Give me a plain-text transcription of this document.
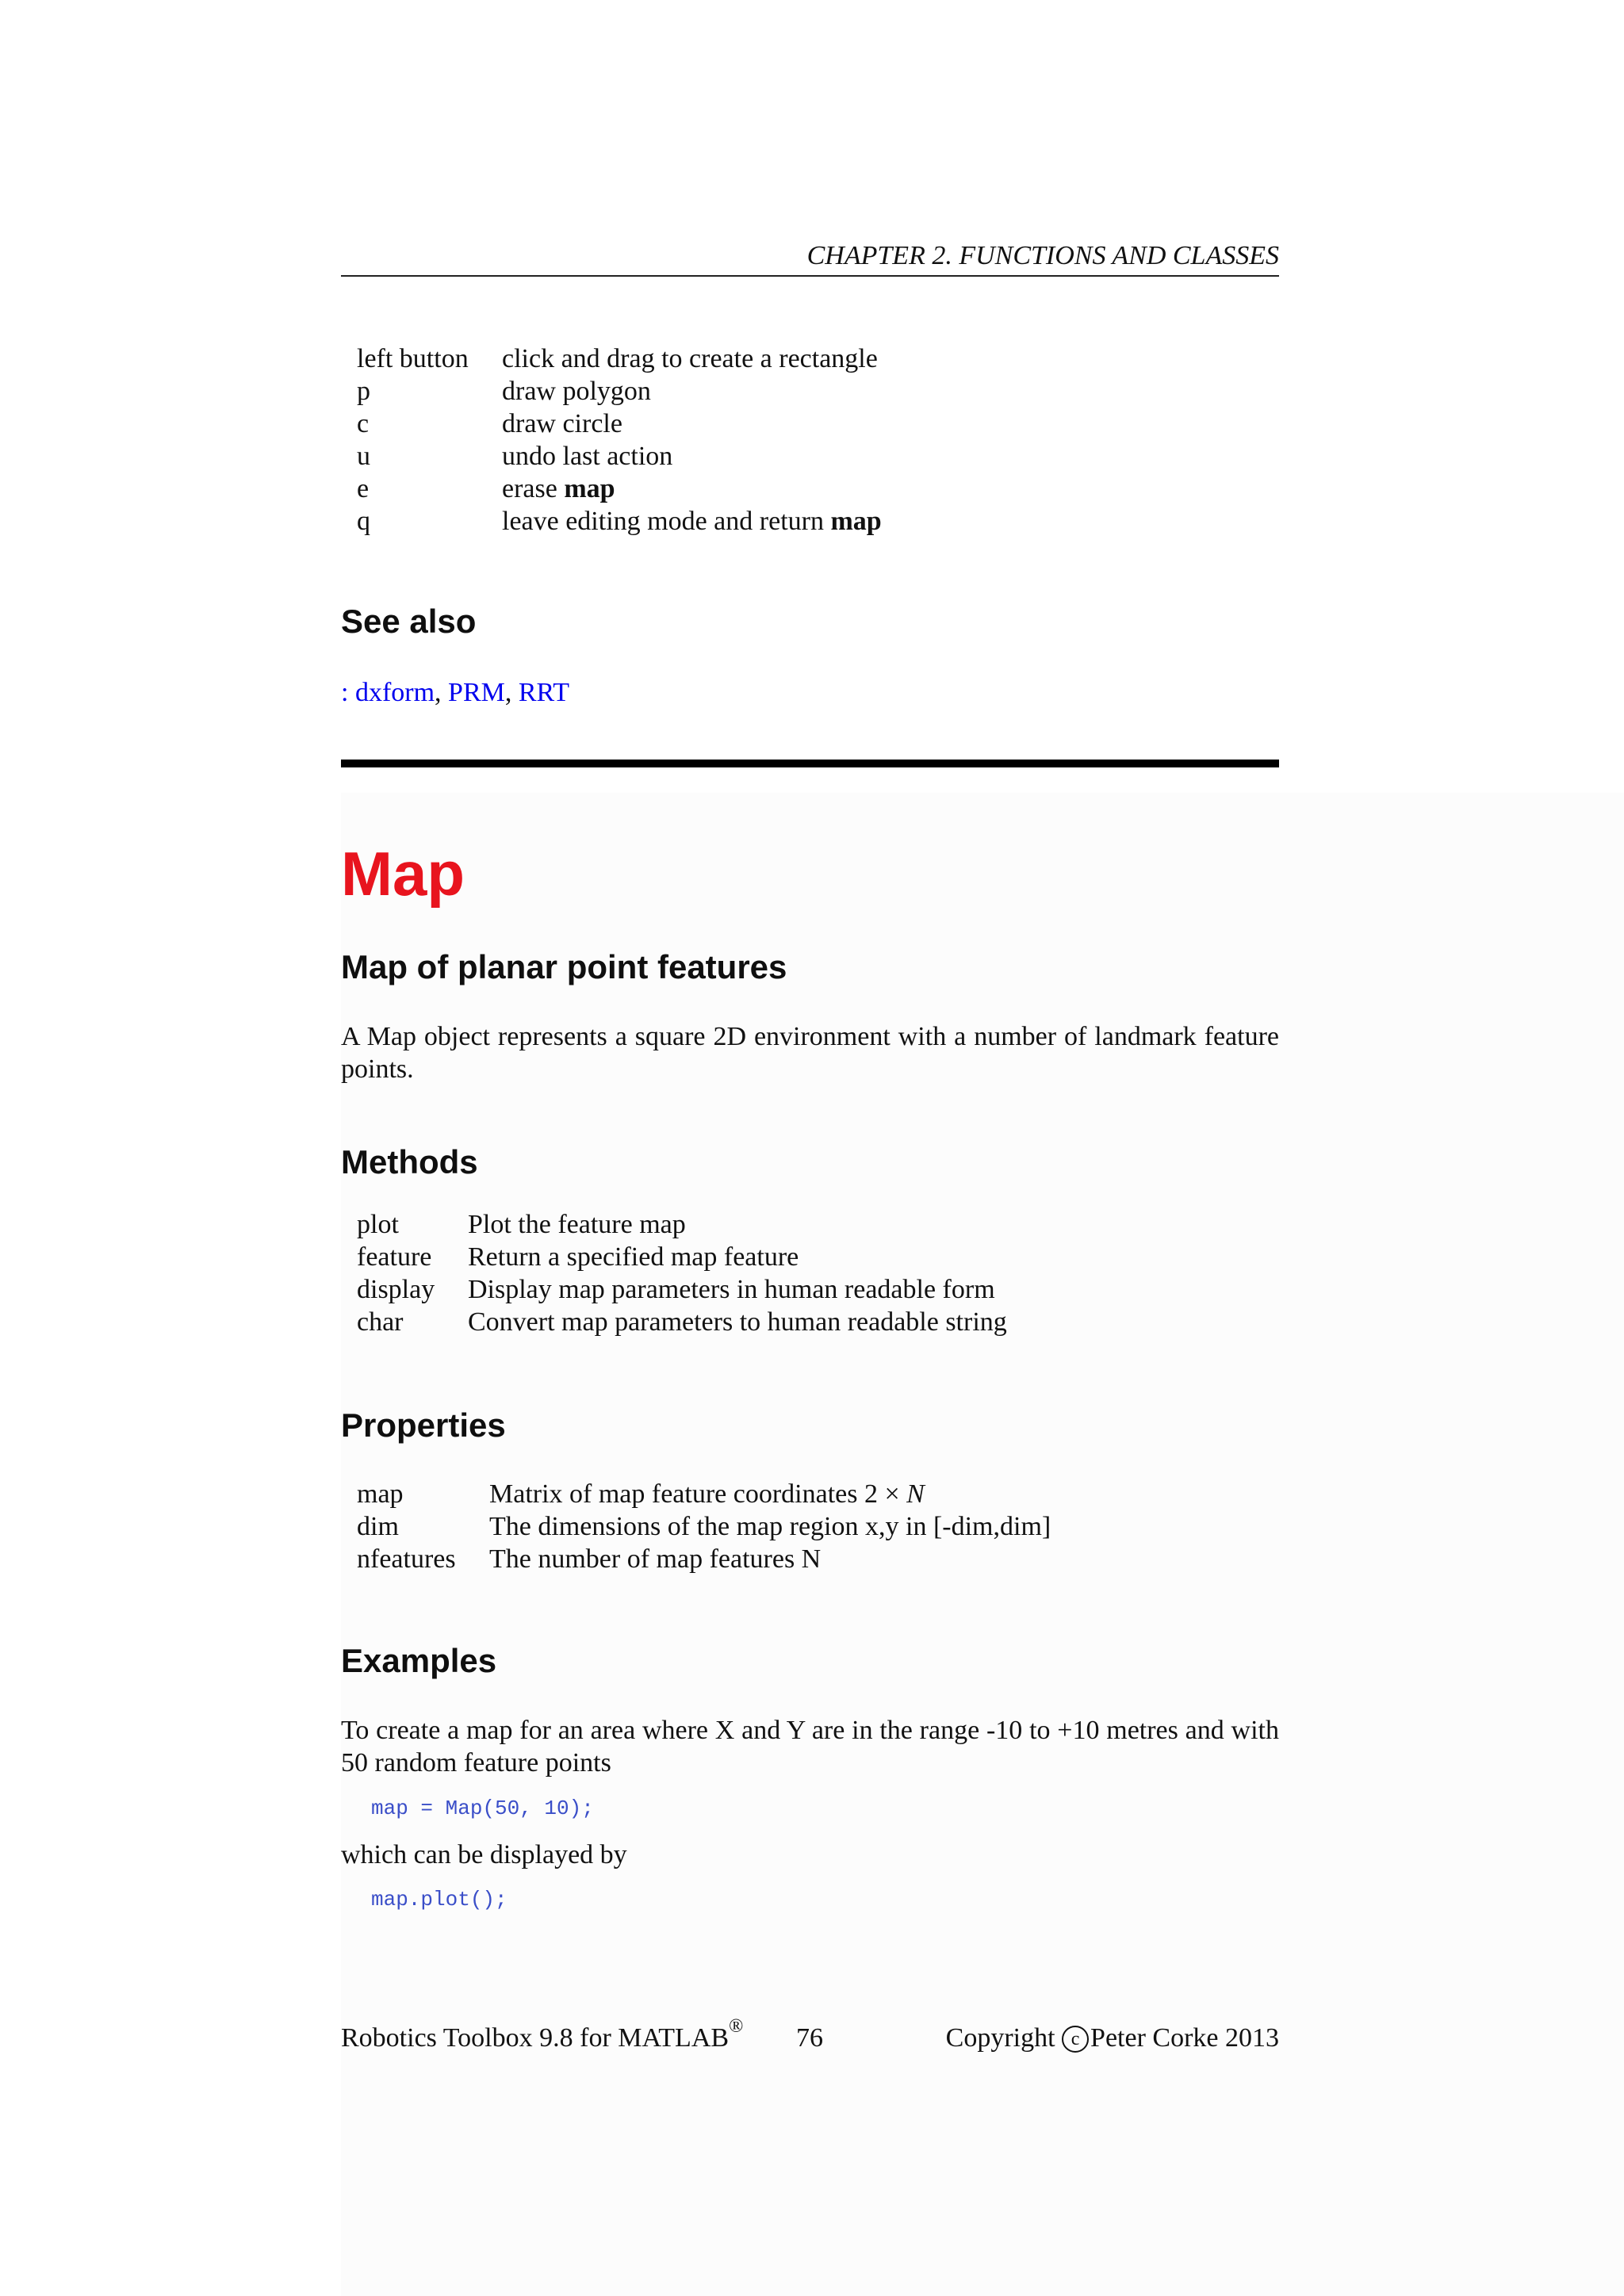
CHAPTER 2. FUNCTIONS AND CLASSES
left button	click and drag to create a rectangle
p	draw polygon
c	draw circle
u	undo last action
e	erase map
q	leave editing mode and return map
See also
: dxform, PRM, RRT
Map
Map of planar point features
A Map object represents a square 2D environment with a number of landmark feature points.
Methods
plot	Plot the feature map
feature	Return a specified map feature
display	Display map parameters in human readable form
char	Convert map parameters to human readable string
Properties
map	Matrix of map feature coordinates 2 × N
dim	The dimensions of the map region x,y in [-dim,dim]
nfeatures	The number of map features N
Examples
To create a map for an area where X and Y are in the range -10 to +10 metres and with 50 random feature points
map = Map(50, 10);
which can be displayed by
map.plot();
Robotics Toolbox 9.8 for MATLAB® 76	Copyright c Peter Corke 2013
